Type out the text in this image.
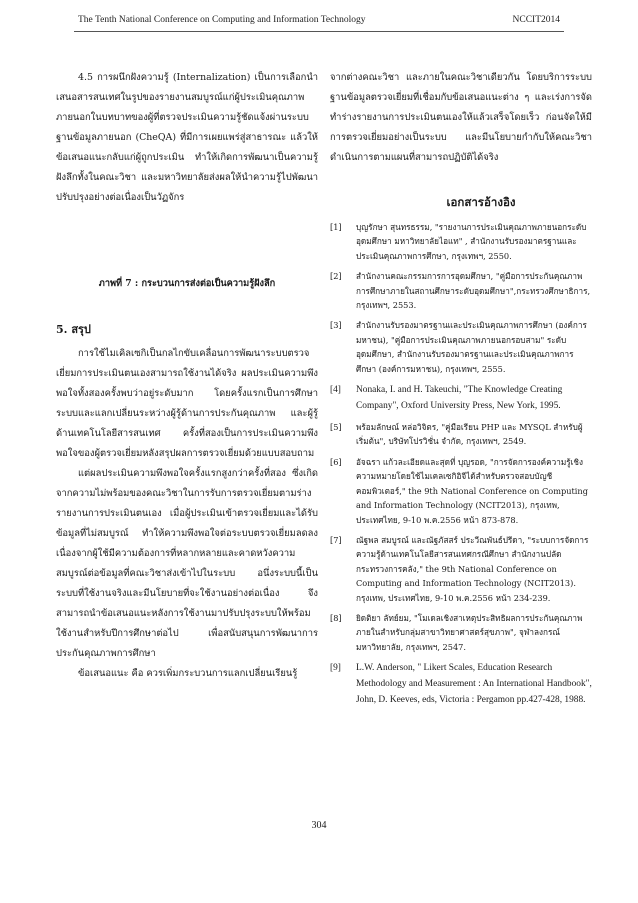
The Tenth National Conference on Computing and Information Technology	NCCIT2014

4.5 การผนึกฝังความรู้ (Internalization) เป็นการเลือกนำเสนอสารสนเทศในรูปของรายงานสมบูรณ์แก่ผู้ประเมินคุณภาพภายนอกในบทบาทของผู้ที่ตรวจประเมินความรู้ชัดแจ้งผ่านระบบฐานข้อมูลภายนอก (CheQA) ที่มีการเผยแพร่สู่สาธารณะ แล้วให้ข้อเสนอแนะกลับแก่ผู้ถูกประเมิน ทำให้เกิดการพัฒนาเป็นความรู้ฝังลึกทั้งในคณะวิชา และมหาวิทยาลัยส่งผลให้นำความรู้ไปพัฒนาปรับปรุงอย่างต่อเนื่องเป็นวัฏจักร

ภาพที่ 7 : กระบวนการส่งต่อเป็นความรู้ฝังลึก

5. สรุป

การใช้ไมเคิลเซกิเป็นกลไกขับเคลื่อนการพัฒนาระบบตรวจเยี่ยมการประเมินตนเองสามารถใช้งานได้จริง ผลประเมินความพึงพอใจทั้งสองครั้งพบว่าอยู่ระดับมาก โดยครั้งแรกเป็นการศึกษาระบบและแลกเปลี่ยนระหว่างผู้รู้ด้านการประกันคุณภาพ และผู้รู้ด้านเทคโนโลยีสารสนเทศ ครั้งที่สองเป็นการประเมินความพึงพอใจของผู้ตรวจเยี่ยมหลังสรุปผลการตรวจเยี่ยมด้วยแบบสอบถาม

แต่ผลประเมินความพึงพอใจครั้งแรกสูงกว่าครั้งที่สอง ซึ่งเกิดจากความไม่พร้อมของคณะวิชาในการรับการตรวจเยี่ยมตามร่างรายงานการประเมินตนเอง เมื่อผู้ประเมินเข้าตรวจเยี่ยมและได้รับข้อมูลที่ไม่สมบูรณ์ ทำให้ความพึงพอใจต่อระบบตรวจเยี่ยมลดลง เนื่องจากผู้ใช้มีความต้องการที่หลากหลายและคาดหวังความสมบูรณ์ต่อข้อมูลที่คณะวิชาส่งเข้าไปในระบบ อนึ่งระบบนี้เป็นระบบที่ใช้งานจริงและมีนโยบายที่จะใช้งานอย่างต่อเนื่อง จึงสามารถนำข้อเสนอแนะหลังการใช้งานมาปรับปรุงระบบให้พร้อมใช้งานสำหรับปีการศึกษาต่อไป เพื่อสนับสนุนการพัฒนาการประกันคุณภาพการศึกษา

ข้อเสนอแนะ คือ ควรเพิ่มกระบวนการแลกเปลี่ยนเรียนรู้

จากต่างคณะวิชา และภายในคณะวิชาเดียวกัน โดยบริการระบบฐานข้อมูลตรวจเยี่ยมที่เชื่อมกับข้อเสนอแนะต่าง ๆ และเร่งการจัดทำร่างรายงานการประเมินตนเองให้แล้วเสร็จโดยเร็ว ก่อนจัดให้มีการตรวจเยี่ยมอย่างเป็นระบบ และมีนโยบายกำกับให้คณะวิชาดำเนินการตามแผนที่สามารถปฏิบัติได้จริง

เอกสารอ้างอิง

[1] บุญรักษา สุนทรธรรม, "รายงานการประเมินคุณภาพภายนอกระดับอุดมศึกษา มหาวิทยาลัยไอแท" , สำนักงานรับรองมาตรฐานและประเมินคุณภาพการศึกษา, กรุงเทพฯ, 2550.
[2] สำนักงานคณะกรรมการการอุดมศึกษา, "คู่มือการประกันคุณภาพการศึกษาภายในสถานศึกษาระดับอุดมศึกษา",กระทรวงศึกษาธิการ, กรุงเทพฯ, 2553.
[3] สำนักงานรับรองมาตรฐานและประเมินคุณภาพการศึกษา (องค์การมหาชน), "คู่มือการประเมินคุณภาพภายนอกรอบสาม" ระดับอุดมศึกษา, สำนักงานรับรองมาตรฐานและประเมินคุณภาพการศึกษา (องค์การมหาชน), กรุงเทพฯ, 2555.
[4] Nonaka, I. and H. Takeuchi, "The Knowledge Creating Company", Oxford University Press, New York, 1995.
[5] พร้อมลักษณ์ หล่อวิจิตร, "คู่มือเรียน PHP และ MYSQL สำหรับผู้เริ่มต้น", บริษัทโปรวิชั่น จำกัด, กรุงเทพฯ, 2549.
[6] อัจฉรา แก้วละเอียดและสุดที่ บุญรอด, "การจัดการองค์ความรู้เชิงความหมายโดยใช้ไมเคลเซกิอิจีได้สำหรับตรวจสอบบัญชีคอมพิวเตอร์," the 9th National Conference on Computing and Information Technology (NCIT2013), กรุงเทพ, ประเทศไทย, 9-10 พ.ค.2556 หน้า 873-878.
[7] ณัฐพล สมบูรณ์ และณัฐภัสสร์ ประวีณพันธ์ปรีดา, "ระบบการจัดการความรู้ด้านเทคโนโลยีสารสนเทศกรณีศึกษา สำนักงานปลัดกระทรวงการคลัง," the 9th National Conference on Computing and Information Technology (NCIT2013). กรุงเทพ, ประเทศไทย, 9-10 พ.ค.2556 หน้า 234-239.
[8] ยิดติยา ลัทย์ยม, "โมเดลเชิงสาเหตุประสิทธิผลการประกันคุณภาพภายในสำหรับกลุ่มสาขาวิทยาศาสตร์สุขภาพ", จุฬาลงกรณ์มหาวิทยาลัย, กรุงเทพฯ, 2547.
[9] L.W. Anderson, " Likert Scales, Education Research Methodology and Measurement : An International Handbook", John, D. Keeves, eds, Victoria : Pergamon pp.427-428, 1988.
304
